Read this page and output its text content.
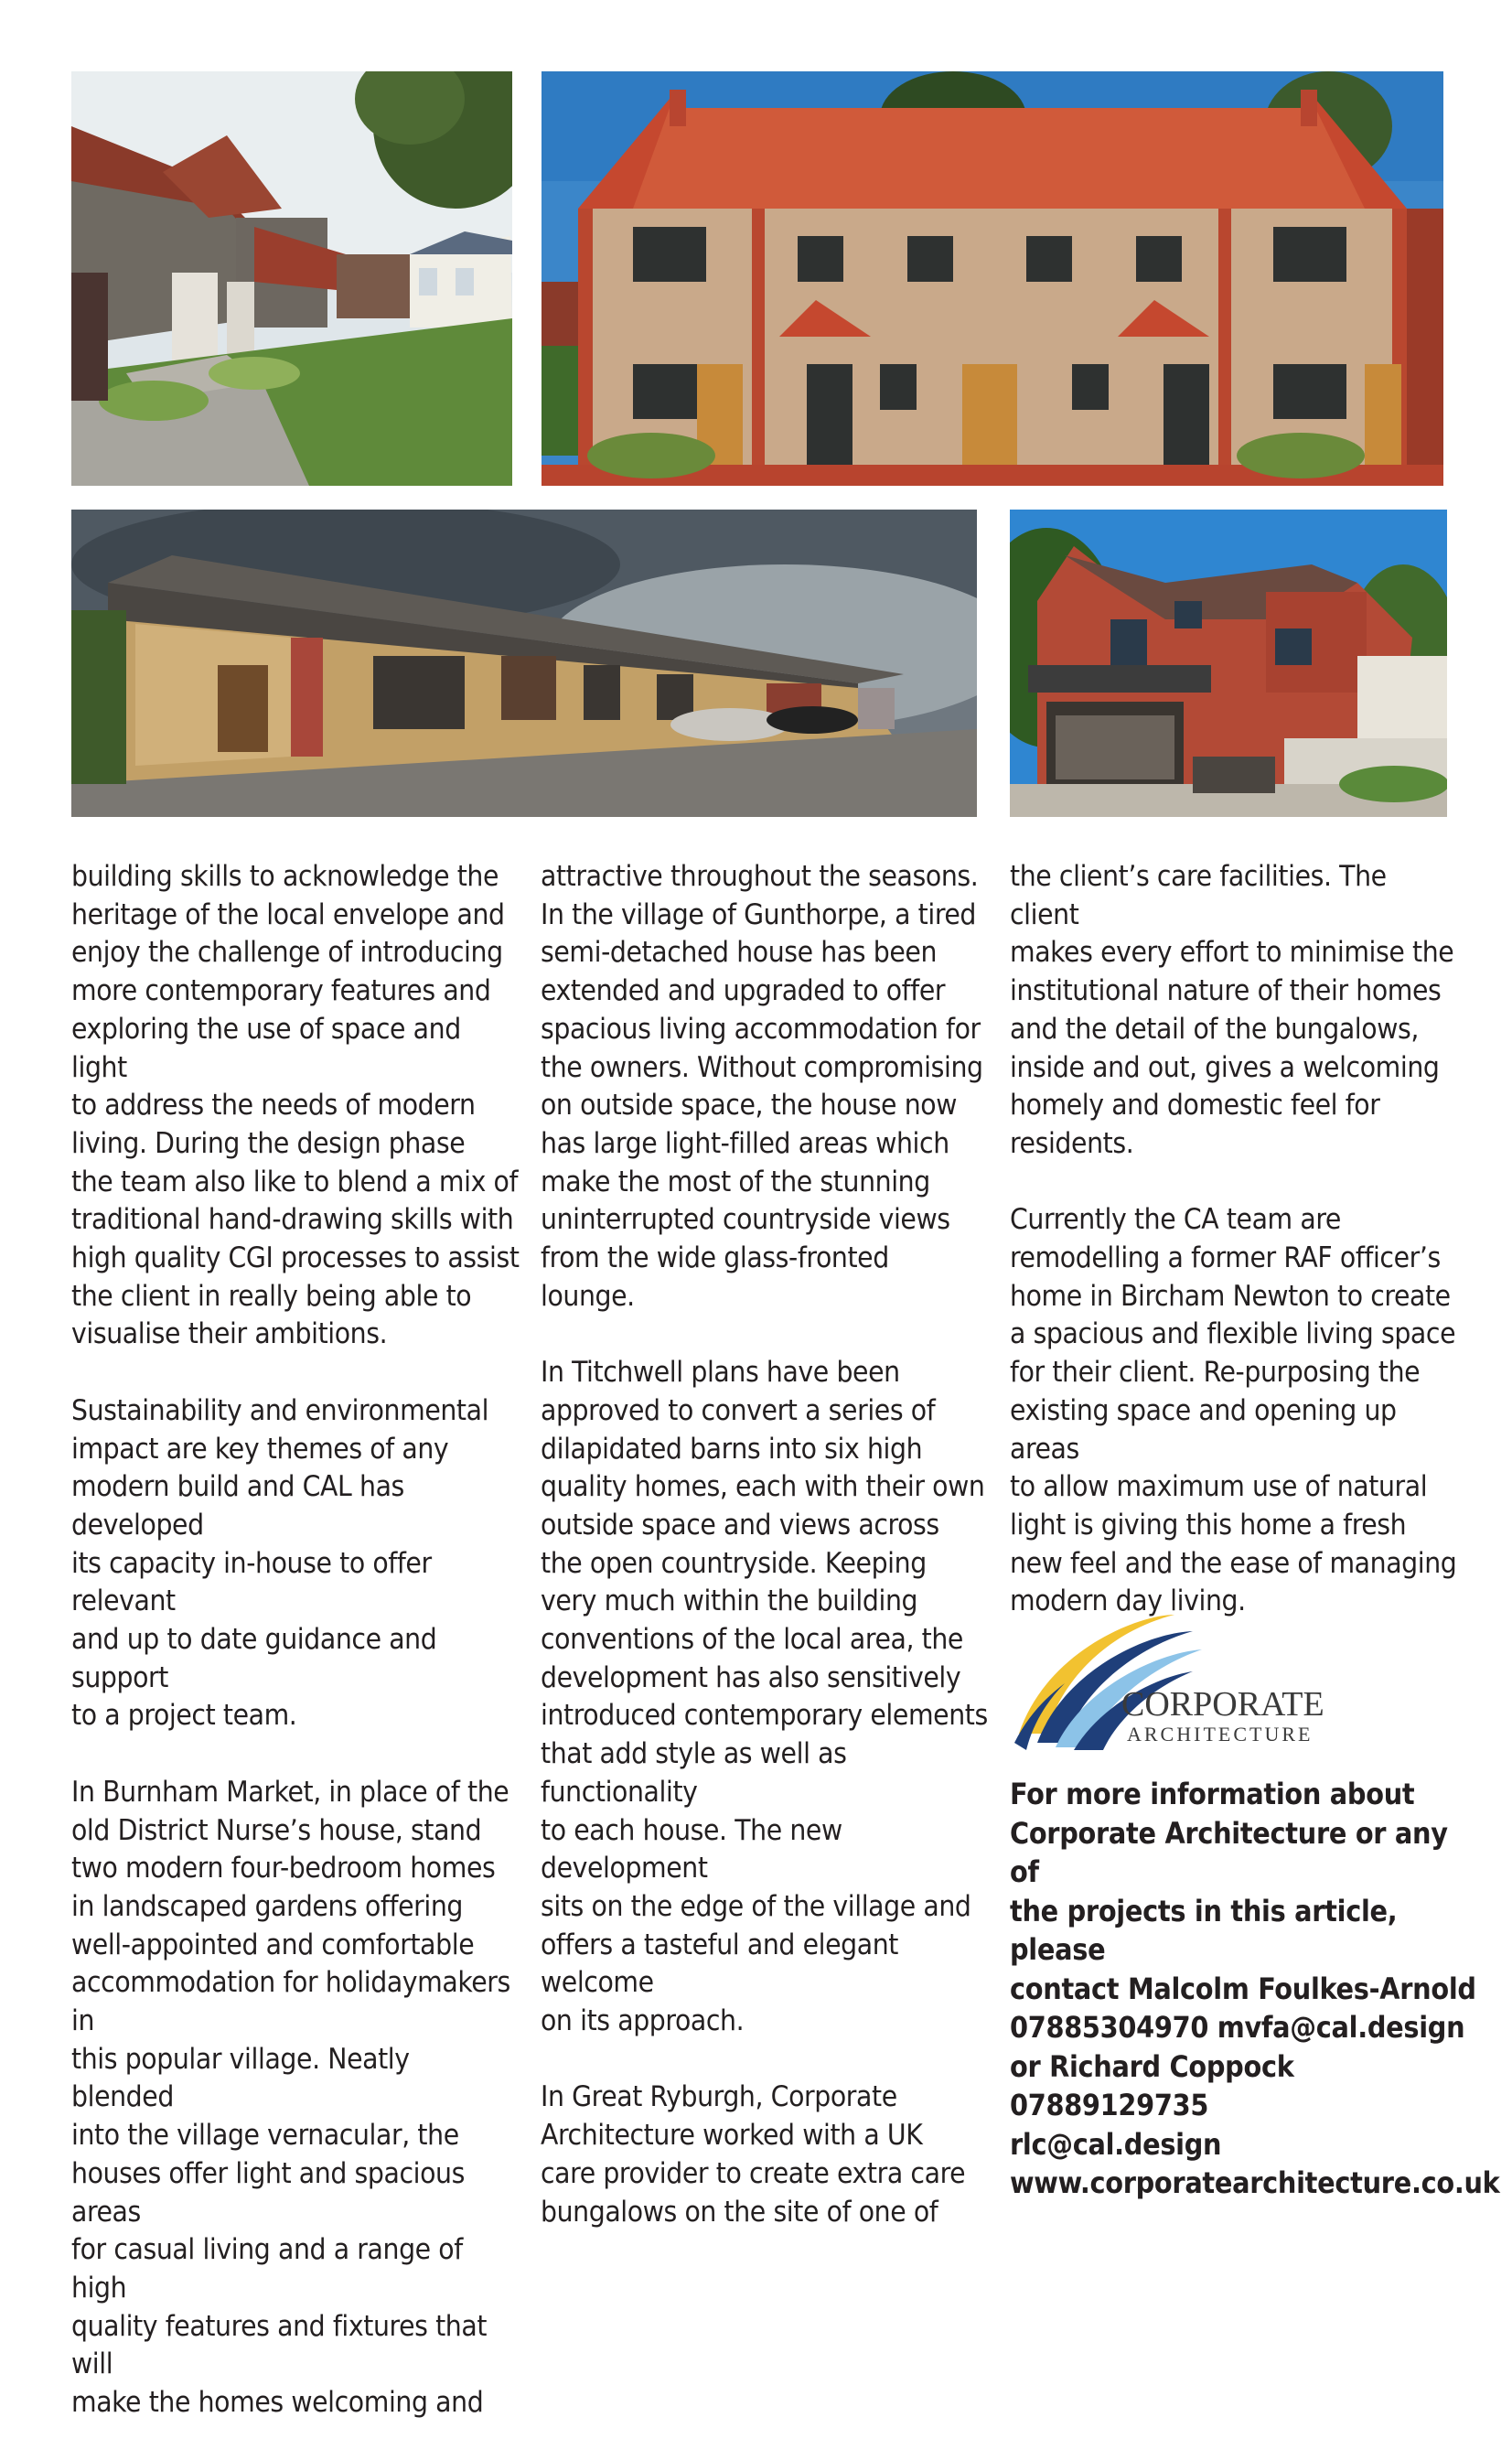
building skills to acknowledge the
heritage of the local envelope and
enjoy the challenge of introducing
more contemporary features and
exploring the use of space and light
to address the needs of modern
living. During the design phase
the team also like to blend a mix of
traditional hand-drawing skills with
high quality CGI processes to assist
the client in really being able to
visualise their ambitions.

Sustainability and environmental
impact are key themes of any
modern build and CAL has developed
its capacity in-house to offer relevant
and up to date guidance and support
to a project team.

In Burnham Market, in place of the
old District Nurse’s house, stand
two modern four-bedroom homes
in landscaped gardens offering
well-appointed and comfortable
accommodation for holidaymakers in
this popular village. Neatly blended
into the village vernacular, the
houses offer light and spacious areas
for casual living and a range of high
quality features and fixtures that will
make the homes welcoming and

attractive throughout the seasons.
In the village of Gunthorpe, a tired
semi-detached house has been
extended and upgraded to offer
spacious living accommodation for
the owners. Without compromising
on outside space, the house now
has large light-filled areas which
make the most of the stunning
uninterrupted countryside views
from the wide glass-fronted lounge.

In Titchwell plans have been
approved to convert a series of
dilapidated barns into six high
quality homes, each with their own
outside space and views across
the open countryside. Keeping
very much within the building
conventions of the local area, the
development has also sensitively
introduced contemporary elements
that add style as well as functionality
to each house. The new development
sits on the edge of the village and
offers a tasteful and elegant welcome
on its approach.

In Great Ryburgh, Corporate
Architecture worked with a UK
care provider to create extra care
bungalows on the site of one of

the client’s care facilities. The client
makes every effort to minimise the
institutional nature of their homes
and the detail of the bungalows,
inside and out, gives a welcoming
homely and domestic feel for
residents.

Currently the CA team are
remodelling a former RAF officer’s
home in Bircham Newton to create
a spacious and flexible living space
for their client. Re-purposing the
existing space and opening up areas
to allow maximum use of natural
light is giving this home a fresh
new feel and the ease of managing
modern day living.

CORPORATE
ARCHITECTURE
For more information about
Corporate Architecture or any of
the projects in this article, please
contact Malcolm Foulkes-Arnold
07885304970 mvfa@cal.design
or Richard Coppock 07889129735
rlc@cal.design
www.corporatearchitecture.co.uk
